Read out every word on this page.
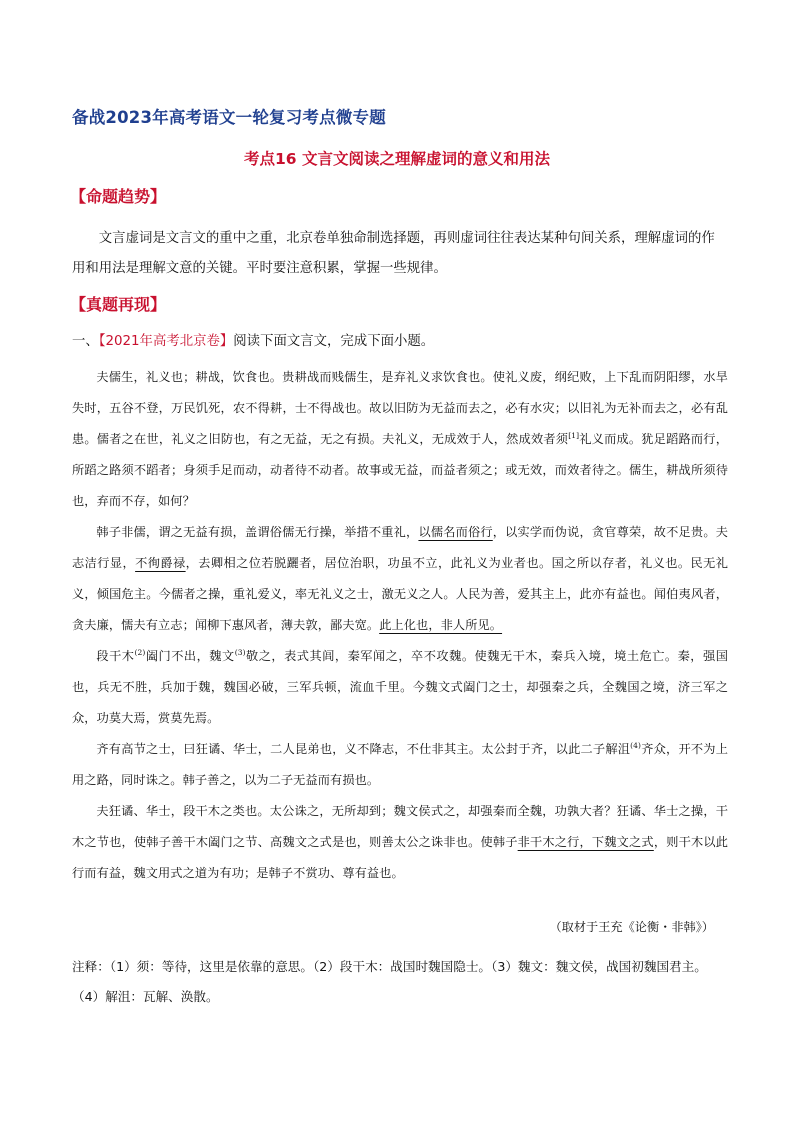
备战2023年高考语文一轮复习考点微专题
考点16 文言文阅读之理解虚词的意义和用法
【命题趋势】

文言虚词是文言文的重中之重，北京卷单独命制选择题，再则虚词往往表达某种句间关系，理解虚词的作用和用法是理解文意的关键。平时要注意积累，掌握一些规律。

【真题再现】

一、【2021年高考北京卷】阅读下面文言文，完成下面小题。

夫儒生，礼义也；耕战，饮食也。贵耕战而贱儒生，是弃礼义求饮食也。使礼义废，纲纪败，上下乱而阴阳缪，水旱失时，五谷不登，万民饥死，农不得耕，士不得战也。故以旧防为无益而去之，必有水灾；以旧礼为无补而去之，必有乱患。儒者之在世，礼义之旧防也，有之无益，无之有损。夫礼义，无成效于人，然成效者须[1]礼义而成。犹足蹈路而行，所蹈之路须不蹈者；身须手足而动，动者待不动者。故事或无益，而益者须之；或无效，而效者待之。儒生，耕战所须待也，弃而不存，如何？

韩子非儒，谓之无益有损，盖谓俗儒无行操，举措不重礼，以儒名而俗行，以实学而伪说，贪官尊荣，故不足贵。夫志洁行显，不徇爵禄，去卿相之位若脱躧者，居位治职，功虽不立，此礼义为业者也。国之所以存者，礼义也。民无礼义，倾国危主。今儒者之操，重礼爱义，率无礼义之士，激无义之人。人民为善，爱其主上，此亦有益也。闻伯夷风者，贪夫廉，懦夫有立志；闻柳下惠风者，薄夫敦，鄙夫宽。此上化也，非人所见。

段干木$^{(2)}$阖门不出，魏文$^{(3)}$敬之，表式其闾，秦军闻之，卒不攻魏。使魏无干木，秦兵入境，境土危亡。秦，强国也，兵无不胜，兵加于魏，魏国必破，三军兵顿，流血千里。今魏文式阖门之士，却强秦之兵，全魏国之境，济三军之众，功莫大焉，赏莫先焉。

齐有高节之士，曰狂谲、华士，二人昆弟也，义不降志，不仕非其主。太公封于齐，以此二子解沮$^{(4)}$齐众，开不为上用之路，同时诛之。韩子善之，以为二子无益而有损也。

夫狂谲、华士，段干木之类也。太公诛之，无所却到；魏文侯式之，却强秦而全魏，功孰大者？狂谲、华士之操，干木之节也，使韩子善干木阖门之节、高魏文之式是也，则善太公之诛非也。使韩子非干木之行，下魏文之式，则干木以此行而有益，魏文用式之道为有功；是韩子不赏功、尊有益也。

（取材于王充《论衡・非韩》）

注释：（1）须：等待，这里是依靠的意思。（2）段干木：战国时魏国隐士。（3）魏文：魏文侯，战国初魏国君主。（4）解沮：瓦解、涣散。
